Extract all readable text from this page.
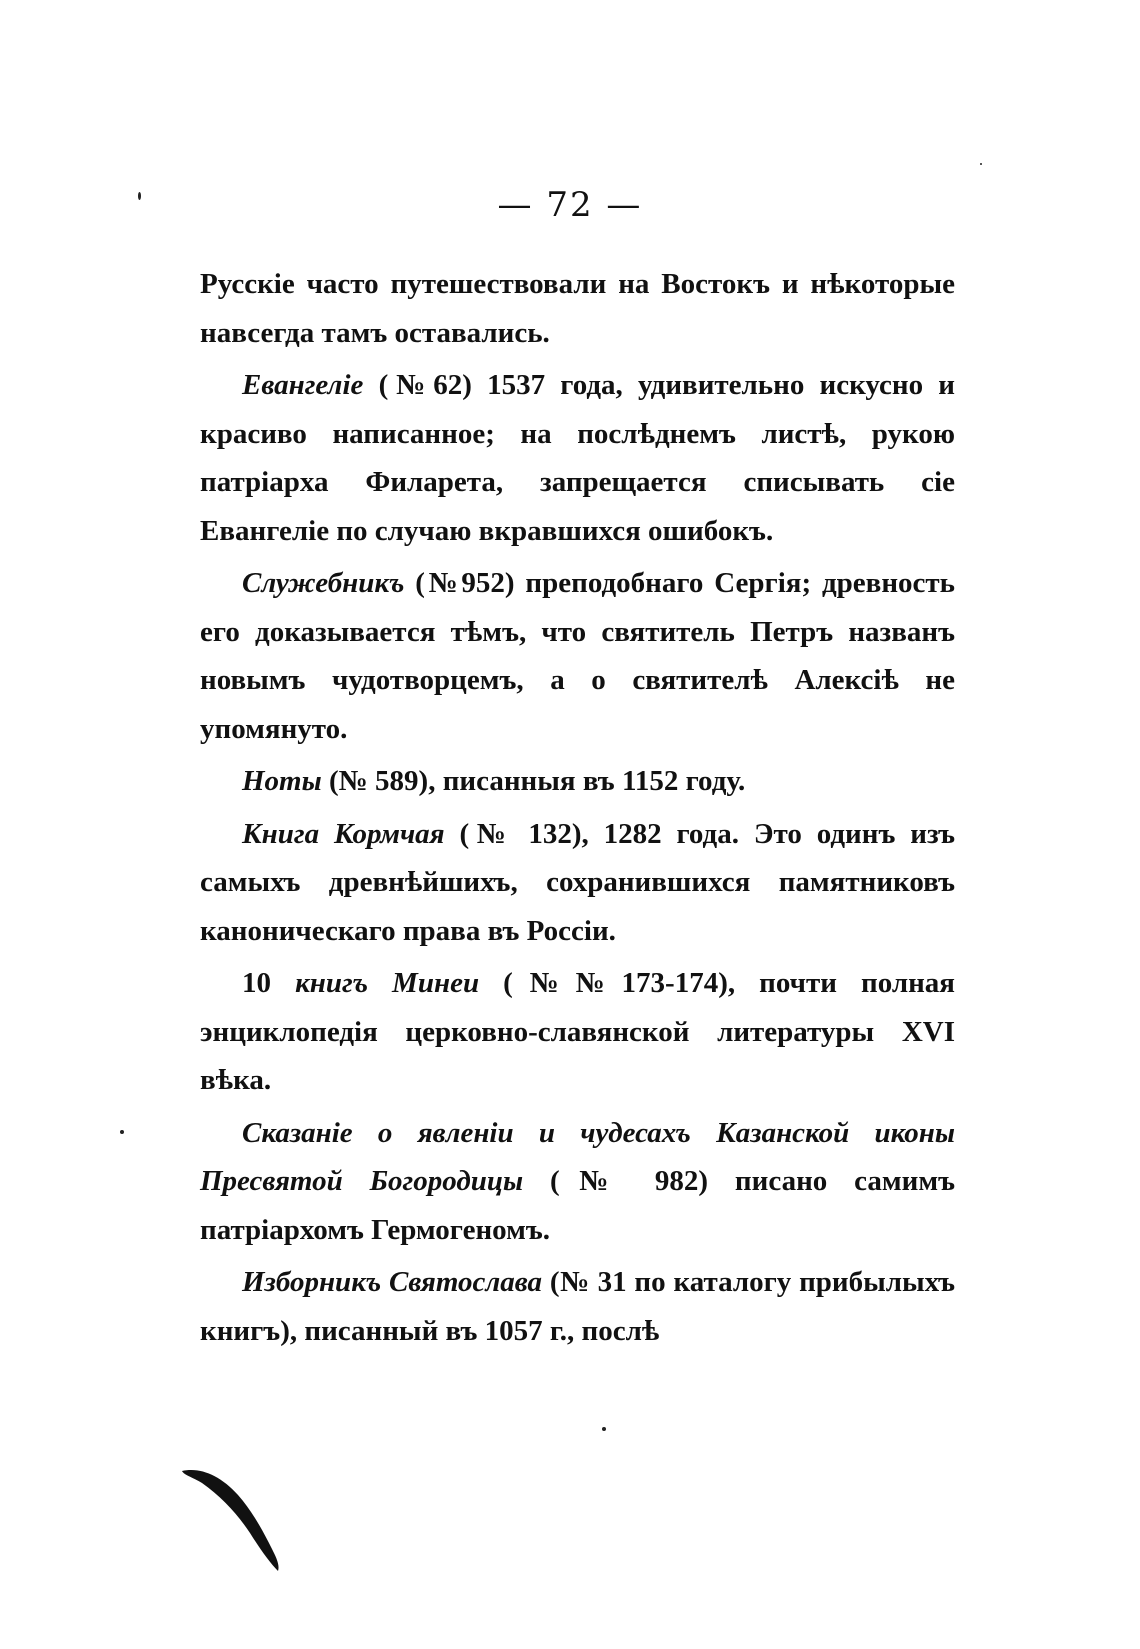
— 72 —

Русскіе часто путешествовали на Востокъ и нѣкоторые навсегда тамъ оставались.

Евангеліе (№62) 1537 года, удивительно искусно и красиво написанное; на послѣднемъ листѣ, рукою патріарха Филарета, запрещается списывать сіе Евангеліе по случаю вкравшихся ошибокъ.

Служебникъ (№952) преподобнаго Сергія; древность его доказывается тѣмъ, что святитель Петръ названъ новымъ чудотворцемъ, а о святителѣ Алексіѣ не упомянуто.

Ноты (№ 589), писанныя въ 1152 году.

Книга Кормчая (№ 132), 1282 года. Это одинъ изъ самыхъ древнѣйшихъ, сохранившихся памятниковъ каноническаго права въ Россіи.

10 книгъ Минеи (№№173-174), почти полная энциклопедія церковно-славянской литературы XVI вѣка.

Сказаніе о явленіи и чудесахъ Казанской иконы Пресвятой Богородицы (№ 982) писано самимъ патріархомъ Гермогеномъ.

Изборникъ Святослава (№ 31 по каталогу прибылыхъ книгъ), писанный въ 1057 г., послѣ
